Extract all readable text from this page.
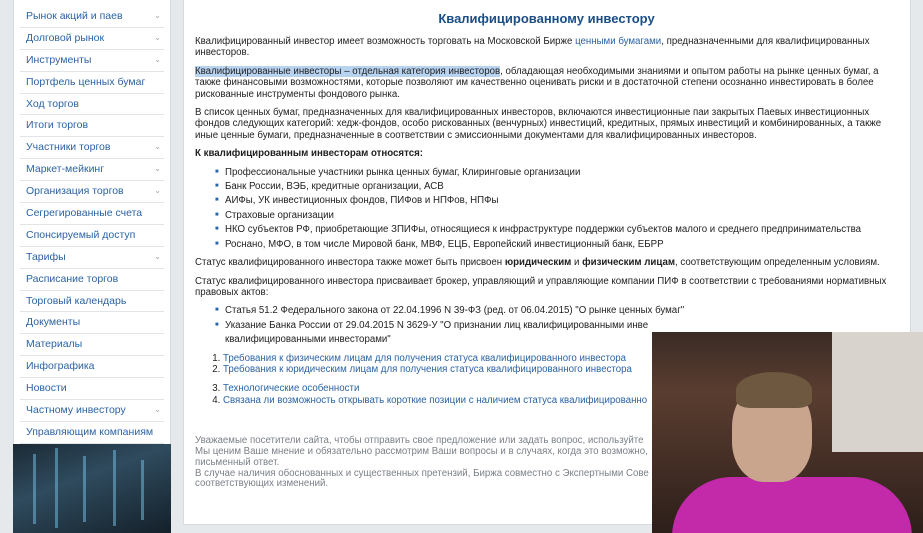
Рынок акций и паев	⌄
Долговой рынок	⌄
Инструменты	⌄
Портфель ценных бумаг
Ход торгов
Итоги торгов
Участники торгов	⌄
Маркет-мейкинг	⌄
Организация торгов	⌄
Сегрегированные счета
Спонсируемый доступ
Тарифы	⌄
Расписание торгов
Торговый календарь
Документы
Материалы
Инфографика
Новости
Частному инвестору	⌄
Управляющим компаниям
Квалифицированному инвестору

Квалифицированный инвестор имеет возможность торговать на Московской Бирже ценными бумагами, предназначенными для квалифицированных инвесторов.

Квалифицированные инвесторы – отдельная категория инвесторов, обладающая необходимыми знаниями и опытом работы на рынке ценных бумаг, а также финансовыми возможностями, которые позволяют им качественно оценивать риски и в достаточной степени осознанно инвестировать в более рискованные инструменты фондового рынка.

В список ценных бумаг, предназначенных для квалифицированных инвесторов, включаются инвестиционные паи закрытых Паевых инвестиционных фондов следующих категорий: хедж-фондов, особо рискованных (венчурных) инвестиций, кредитных, прямых инвестиций и комбинированных, а также иные ценные бумаги, предназначенные в соответствии с эмиссионными документами для квалифицированных инвесторов.

К квалифицированным инвесторам относятся:

■ Профессиональные участники рынка ценных бумаг, Клиринговые организации
■ Банк России, ВЭБ, кредитные организации, АСВ
■ АИФы, УК инвестиционных фондов, ПИФов и НПФов, НПФы
■ Страховые организации
■ НКО субъектов РФ, приобретающие ЗПИФы, относящиеся к инфраструктуре поддержки субъектов малого и среднего предпринимательства
■ Роснано, МФО, в том числе Мировой банк, МВФ, ЕЦБ, Европейский инвестиционный банк, ЕБРР

Статус квалифицированного инвестора также может быть присвоен юридическим и физическим лицам, соответствующим определенным условиям.

Статус квалифицированного инвестора присваивает брокер, управляющий и управляющие компании ПИФ в соответствии с требованиями нормативных правовых актов:

■ Статья 51.2 Федерального закона от 22.04.1996 N 39-ФЗ (ред. от 06.04.2015) "О рынке ценных бумаг"
■ Указание Банка России от 29.04.2015 N 3629-У "О признании лиц квалифицированными инве
квалифицированными инвесторами"
1. Требования к физическим лицам для получения статуса квалифицированного инвестора
2. Требования к юридическим лицам для получения статуса квалифицированного инвестора
3. Технологические особенности
4. Связана ли возможность открывать короткие позиции с наличием статуса квалифицированно
Уважаемые посетители сайта, чтобы отправить свое предложение или задать вопрос, используйте
Мы ценим Ваше мнение и обязательно рассмотрим Ваши вопросы и в случаях, когда это возможно,
письменный ответ.
В случае наличия обоснованных и существенных претензий, Биржа совместно с Экспертными Сове
соответствующих изменений.
